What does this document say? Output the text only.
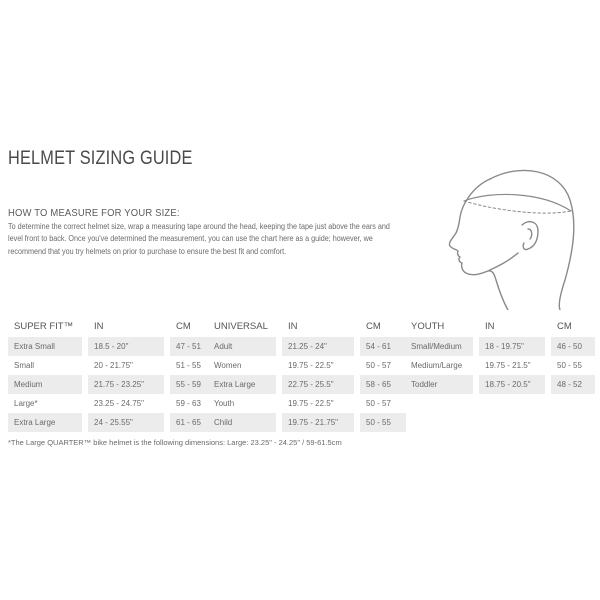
HELMET SIZING GUIDE
HOW TO MEASURE FOR YOUR SIZE:
To determine the correct helmet size, wrap a measuring tape around the head, keeping the tape just above the ears and level front to back. Once you've determined the measurement, you can use the chart here as a guide; however, we recommend that you try helmets on prior to purchase to ensure the best fit and comfort.
SUPER FIT™		IN		CM
Extra Small		18.5 - 20"		47 - 51
Small		20 - 21.75"		51 - 55
Medium		21.75 - 23.25"		55 - 59
Large*		23.25 - 24.75"		59 - 63
Extra Large		24 - 25.55"		61 - 65
UNIVERSAL		IN		CM
Adult		21.25 - 24"		54 - 61
Women		19.75 - 22.5"		50 - 57
Extra Large		22.75 - 25.5"		58 - 65
Youth		19.75 - 22.5"		50 - 57
Child		19.75 - 21.75"		50 - 55
YOUTH		IN		CM
Small/Medium		18 - 19.75"		46 - 50
Medium/Large		19.75 - 21.5"		50 - 55
Toddler		18.75 - 20.5"		48 - 52
*The Large QUARTER™ bike helmet is the following dimensions: Large: 23.25" - 24.25" / 59-61.5cm
